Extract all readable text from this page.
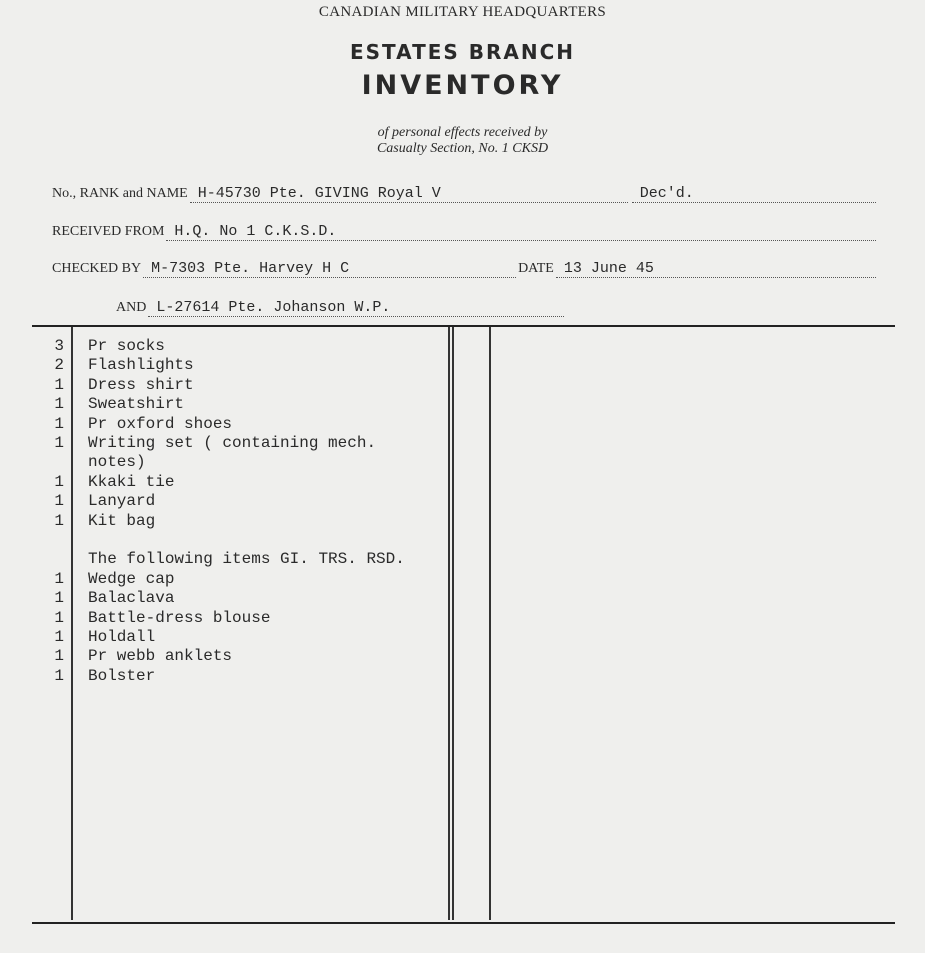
CANADIAN MILITARY HEADQUARTERS
ESTATES BRANCH
INVENTORY
of personal effects received by
Casualty Section, No. 1 CKSD
No., RANK and NAME H-45730 Pte. GIVING Royal V	Dec'd.
RECEIVED FROM H.Q. No 1 C.K.S.D.
CHECKED BY M-7303 Pte. Harvey H C	DATE 13 June 45
AND L-27614 Pte. Johanson W.P.
3 Pr socks
2 Flashlights
1 Dress shirt
1 Sweatshirt
1 Pr oxford shoes
1 Writing set ( containing mech.
notes)
1 Kkaki tie
1 Lanyard
1 Kit bag
The following items GI. TRS. RSD.
1 Wedge cap
1 Balaclava
1 Battle-dress blouse
1 Holdall
1 Pr webb anklets
1 Bolster
